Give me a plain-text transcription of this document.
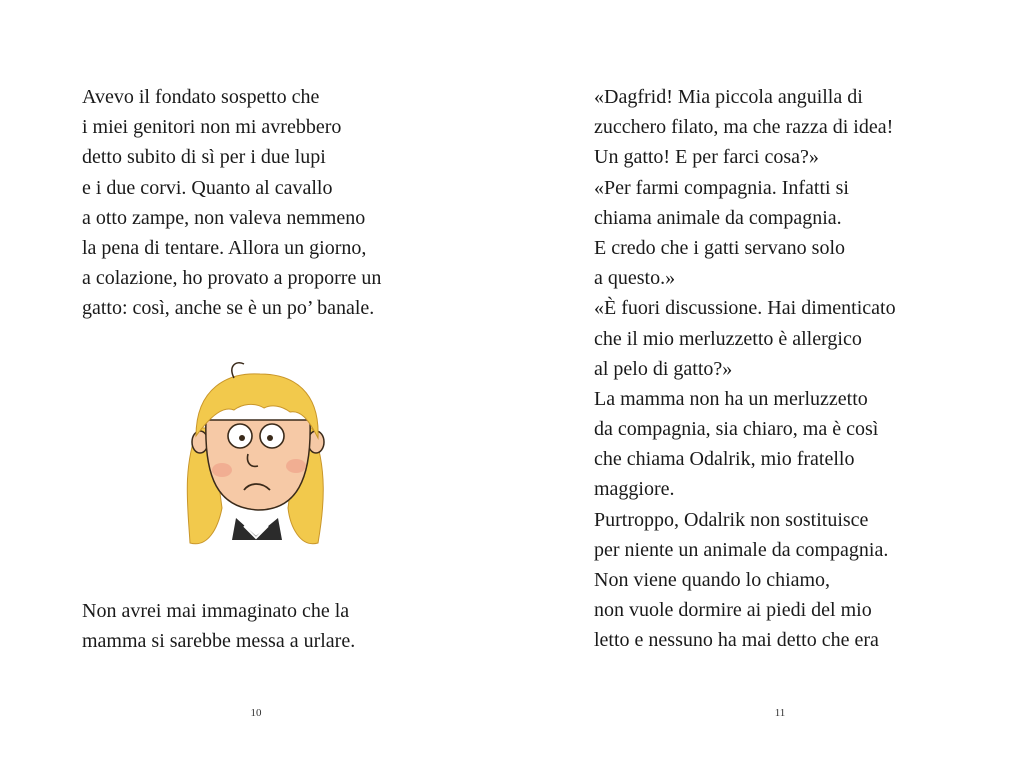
Avevo il fondato sospetto che
i miei genitori non mi avrebbero
detto subito di sì per i due lupi
e i due corvi. Quanto al cavallo
a otto zampe, non valeva nemmeno
la pena di tentare. Allora un giorno,
a colazione, ho provato a proporre un
gatto: così, anche se è un po’ banale.
Non avrei mai immaginato che la
mamma si sarebbe messa a urlare.
10
«Dagfrid! Mia piccola anguilla di
zucchero filato, ma che razza di idea!
Un gatto! E per farci cosa?»
«Per farmi compagnia. Infatti si
chiama animale da compagnia.
E credo che i gatti servano solo
a questo.»
«È fuori discussione. Hai dimenticato
che il mio merluzzetto è allergico
al pelo di gatto?»
La mamma non ha un merluzzetto
da compagnia, sia chiaro, ma è così
che chiama Odalrik, mio fratello
maggiore.
Purtroppo, Odalrik non sostituisce
per niente un animale da compagnia.
Non viene quando lo chiamo,
non vuole dormire ai piedi del mio
letto e nessuno ha mai detto che era
11
